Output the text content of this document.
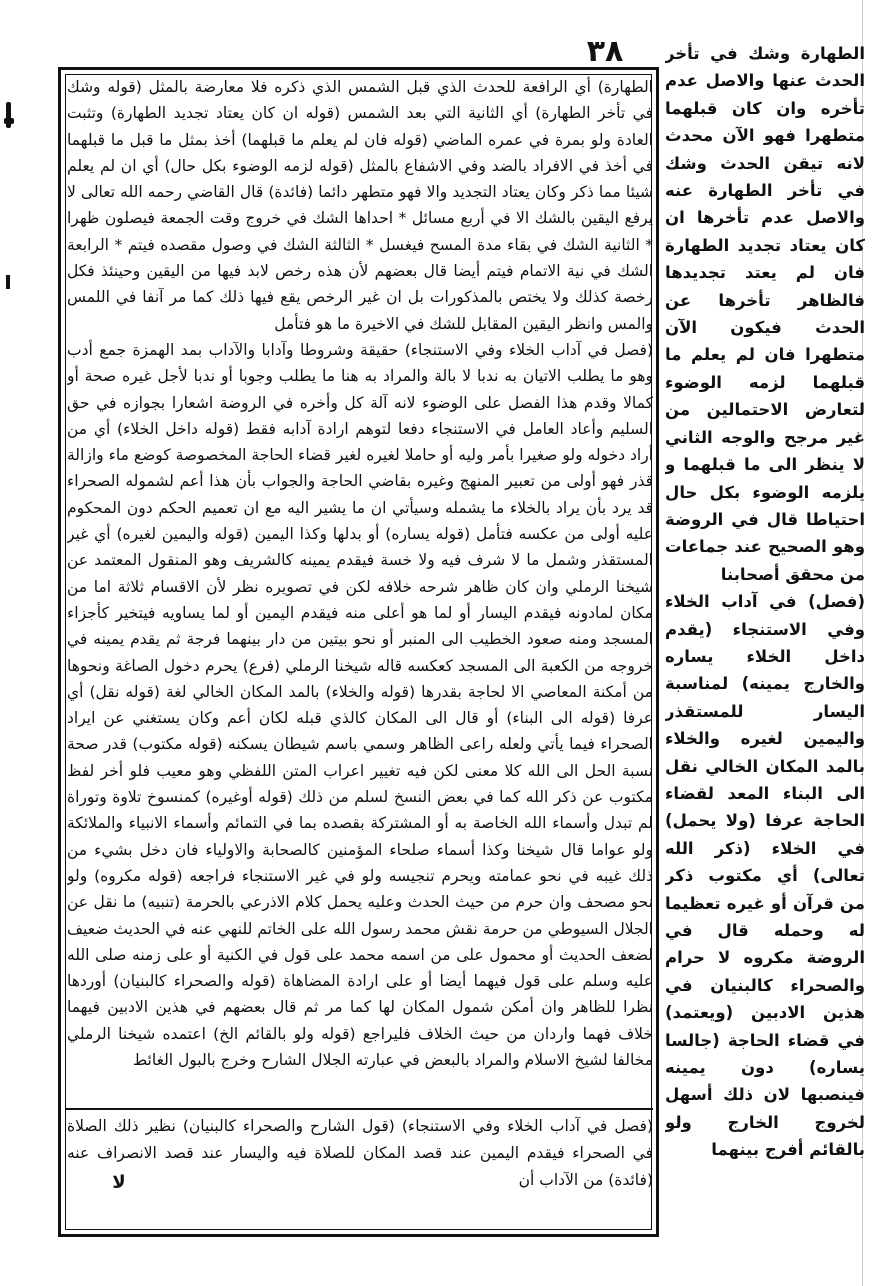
٣٨

الطهارة) أي الرافعة للحدث الذي قبل الشمس الذي ذكره فلا معارضة بالمثل (قوله وشك في تأخر الطهارة) أي الثانية التي بعد الشمس (قوله ان كان يعتاد تجديد الطهارة) وتثبت العادة ولو بمرة في عمره الماضي (قوله فان لم يعلم ما قبلهما) أخذ بمثل ما قبل ما قبلهما في أخذ في الافراد بالضد وفي الاشفاع بالمثل (قوله لزمه الوضوء بكل حال) أي ان لم يعلم شيئا مما ذكر وكان يعتاد التجديد والا فهو متطهر دائما (فائدة) قال القاضي رحمه الله تعالى لا يرفع اليقين بالشك الا في أربع مسائل * احداها الشك في خروج وقت الجمعة فيصلون ظهرا * الثانية الشك في بقاء مدة المسح فيغسل * الثالثة الشك في وصول مقصده فيتم * الرابعة الشك في نية الاتمام فيتم أيضا قال بعضهم لأن هذه رخص لابد فيها من اليقين وحينئذ فكل رخصة كذلك ولا يختص بالمذكورات بل ان غير الرخص يقع فيها ذلك كما مر آنفا في اللمس والمس وانظر اليقين المقابل للشك في الاخيرة ما هو فتأمل

(فصل في آداب الخلاء وفي الاستنجاء) حقيقة وشروطا وآدابا والآداب بمد الهمزة جمع أدب وهو ما يطلب الاتيان به ندبا لا بالة والمراد به هنا ما يطلب وجوبا أو ندبا لأجل غيره صحة أو كمالا وقدم هذا الفصل على الوضوء لانه آلة كل وأخره في الروضة اشعارا بجوازه في حق السليم وأعاد العامل في الاستنجاء دفعا لتوهم ارادة آدابه فقط (قوله داخل الخلاء) أي من أراد دخوله ولو صغيرا بأمر وليه أو حاملا لغيره لغير قضاء الحاجة المخصوصة كوضع ماء وازالة قذر فهو أولى من تعبير المنهج وغيره بقاضي الحاجة والجواب بأن هذا أعم لشموله الصحراء قد يرد بأن يراد بالخلاء ما يشمله وسيأتي ان ما يشير اليه مع ان تعميم الحكم دون المحكوم عليه أولى من عكسه فتأمل (قوله يساره) أو بدلها وكذا اليمين (قوله واليمين لغيره) أي غير المستقذر وشمل ما لا شرف فيه ولا خسة فيقدم يمينه كالشريف وهو المنقول المعتمد عن شيخنا الرملي وان كان ظاهر شرحه خلافه لكن في تصويره نظر لأن الاقسام ثلاثة اما من مكان لمادونه فيقدم اليسار أو لما هو أعلى منه فيقدم اليمين أو لما يساويه فيتخير كأجزاء المسجد ومنه صعود الخطيب الى المنبر أو نحو بيتين من دار بينهما فرجة ثم يقدم يمينه في خروجه من الكعبة الى المسجد كعكسه قاله شيخنا الرملي (فرع) يحرم دخول الصاغة ونحوها من أمكنة المعاصي الا لحاجة بقدرها (قوله والخلاء) بالمد المكان الخالي لغة (قوله نقل) أي عرفا (قوله الى البناء) أو قال الى المكان كالذي قبله لكان أعم وكان يستغني عن ايراد الصحراء فيما يأتي ولعله راعى الظاهر وسمي باسم شيطان يسكنه (قوله مكتوب) قدر صحة نسبة الحل الى الله كلا معنى لكن فيه تغيير اعراب المتن اللفظي وهو معيب فلو أخر لفظ مكتوب عن ذكر الله كما في بعض النسخ لسلم من ذلك (قوله أوغيره) كمنسوخ تلاوة وتوراة لم تبدل وأسماء الله الخاصة به أو المشتركة بقصده بما في التمائم وأسماء الانبياء والملائكة ولو عواما قال شيخنا وكذا أسماء صلحاء المؤمنين كالصحابة والاولياء فان دخل بشيء من ذلك غيبه في نحو عمامته ويحرم تنجيسه ولو في غير الاستنجاء فراجعه (قوله مكروه) ولو نحو مصحف وان حرم من حيث الحدث وعليه يحمل كلام الاذرعي بالحرمة (تنبيه) ما نقل عن الجلال السيوطي من حرمة نقش محمد رسول الله على الخاتم للنهي عنه في الحديث ضعيف لضعف الحديث أو محمول على من اسمه محمد على قول في الكنية أو على زمنه صلى الله عليه وسلم على قول فيهما أيضا أو على ارادة المضاهاة (قوله والصحراء كالبنيان) أوردها نظرا للظاهر وان أمكن شمول المكان لها كما مر ثم قال بعضهم في هذين الادبين فيهما خلاف فهما واردان من حيث الخلاف فليراجع (قوله ولو بالقائم الخ) اعتمده شيخنا الرملي مخالفا لشيخ الاسلام والمراد بالبعض في عبارته الجلال الشارح وخرج بالبول الغائط

(فصل في آداب الخلاء وفي الاستنجاء) (قول الشارح والصحراء كالبنيان) نظير ذلك الصلاة في الصحراء فيقدم اليمين عند قصد المكان للصلاة فيه واليسار عند قصد الانصراف عنه (فائدة) من الآداب أن

لا

الطهارة وشك في تأخر الحدث عنها والاصل عدم تأخره وان كان قبلهما متطهرا فهو الآن محدث لانه تيقن الحدث وشك في تأخر الطهارة عنه والاصل عدم تأخرها ان كان يعتاد تجديد الطهارة فان لم يعتد تجديدها فالظاهر تأخرها عن الحدث فيكون الآن متطهرا فان لم يعلم ما قبلهما لزمه الوضوء لتعارض الاحتمالين من غير مرجح والوجه الثاني لا ينظر الى ما قبلهما و يلزمه الوضوء بكل حال احتياطا قال في الروضة وهو الصحيح عند جماعات من محقق أصحابنا

(فصل) في آداب الخلاء وفي الاستنجاء (يقدم داخل الخلاء يساره والخارج يمينه) لمناسبة اليسار للمستقذر واليمين لغيره والخلاء بالمد المكان الخالي نقل الى البناء المعد لقضاء الحاجة عرفا (ولا يحمل) في الخلاء (ذكر الله تعالى) أي مكتوب ذكر من قرآن أو غيره تعظيما له وحمله قال في الروضة مكروه لا حرام والصحراء كالبنيان في هذين الادبين (ويعتمد) في قضاء الحاجة (جالسا يساره) دون يمينه فينصبها لان ذلك أسهل لخروج الخارج ولو بالقائم أفرج بينهما
